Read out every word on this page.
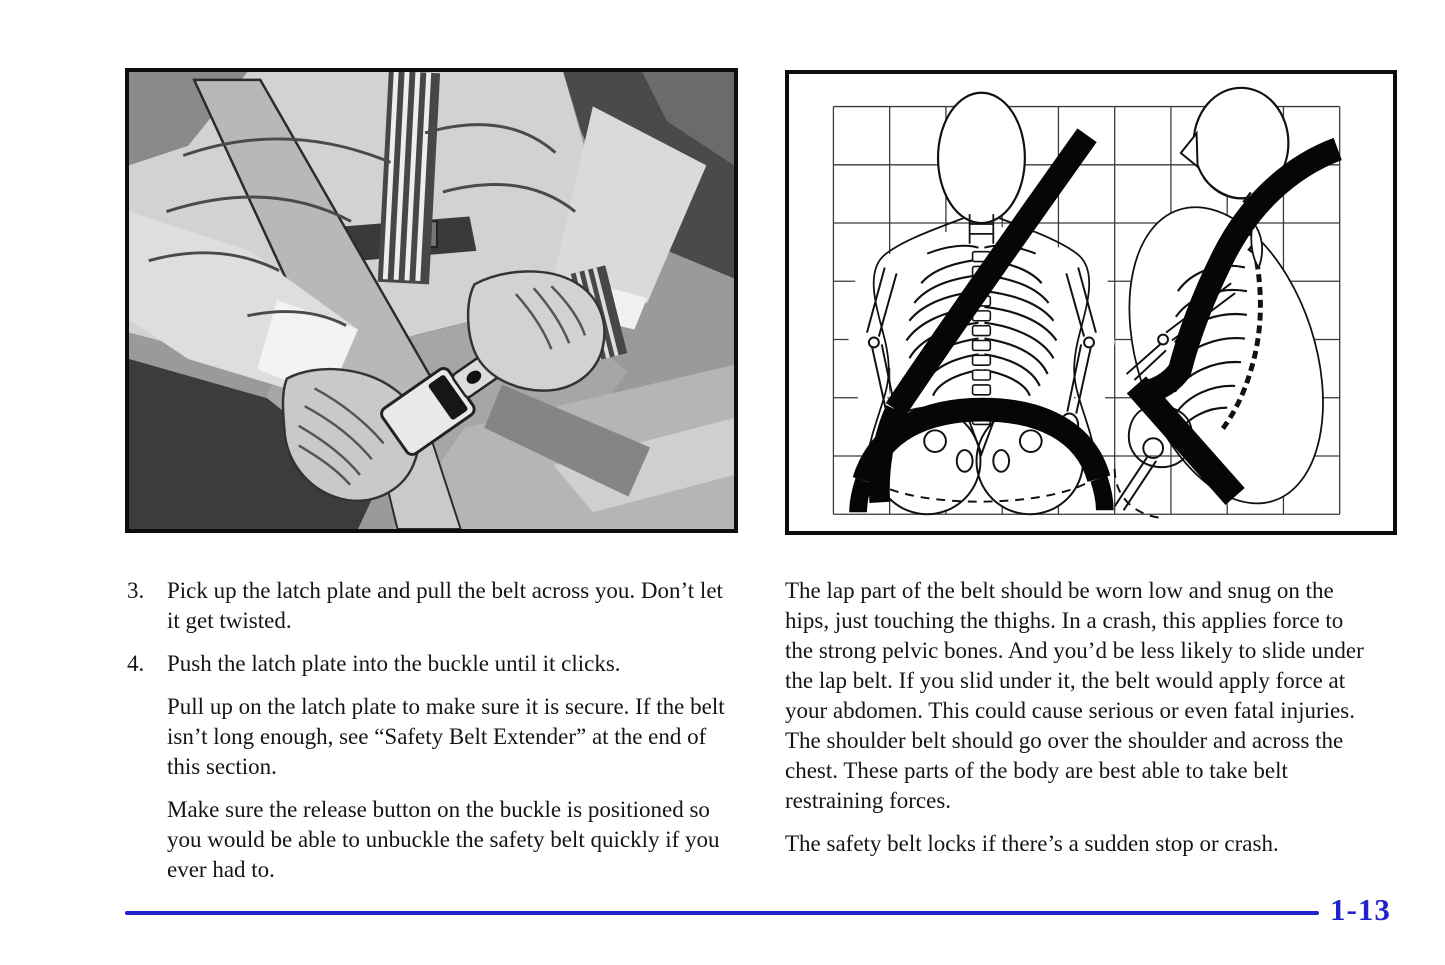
3. Pick up the latch plate and pull the belt across you. Don’t let it get twisted.
4. Push the latch plate into the buckle until it clicks.

Pull up on the latch plate to make sure it is secure. If the belt isn’t long enough, see “Safety Belt Extender” at the end of this section.

Make sure the release button on the buckle is positioned so you would be able to unbuckle the safety belt quickly if you ever had to.

The lap part of the belt should be worn low and snug on the hips, just touching the thighs. In a crash, this applies force to the strong pelvic bones. And you’d be less likely to slide under the lap belt. If you slid under it, the belt would apply force at your abdomen. This could cause serious or even fatal injuries. The shoulder belt should go over the shoulder and across the chest. These parts of the body are best able to take belt restraining forces.

The safety belt locks if there’s a sudden stop or crash.

1-13
